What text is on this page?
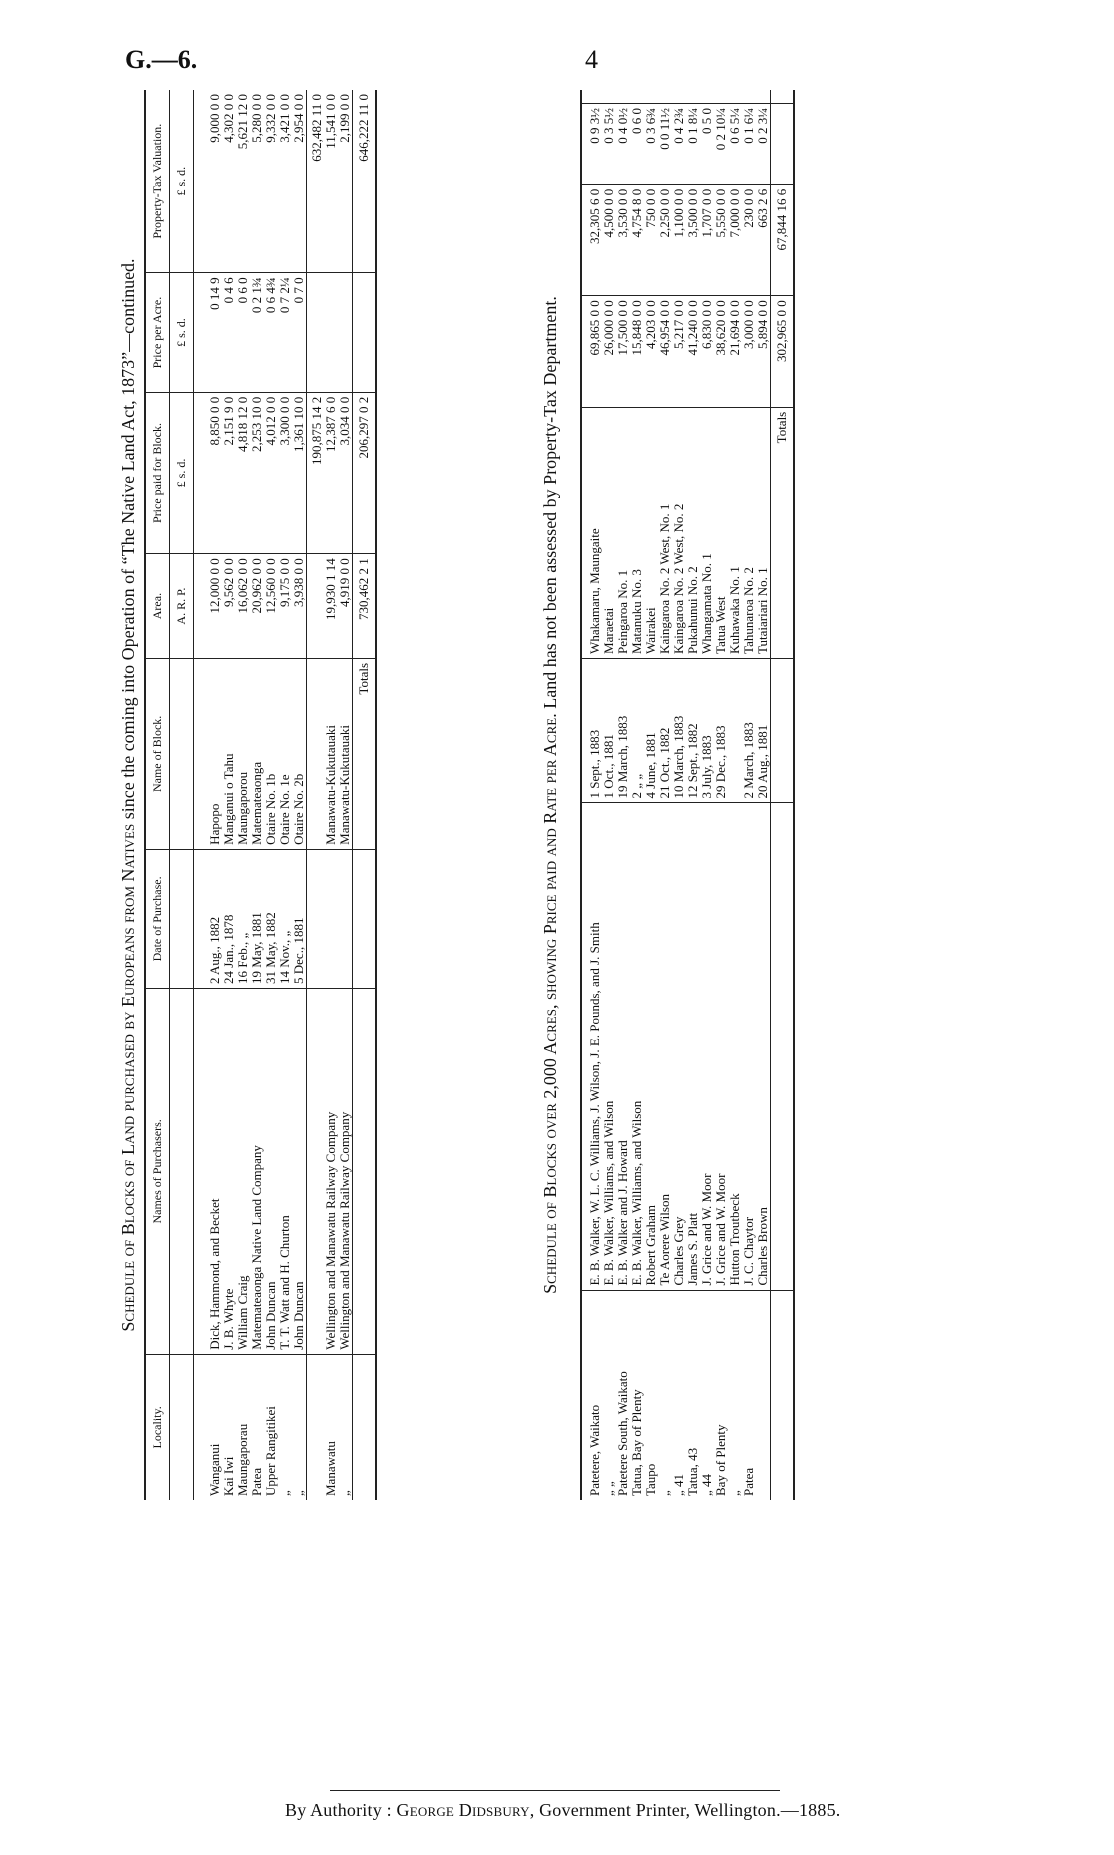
G.—6.	4
Schedule of Blocks of Land purchased by Europeans from Natives since the coming into Operation of “The Native Land Act, 1873”—continued.
Locality.	Names of Purchasers.	Date of Purchase.	Name of Block.	Area.	Price paid for Block.	Price per Acre.	Property-Tax Valuation.
				A. R. P.	£ s. d.	£ s. d.	£ s. d.

Wanganui	Dick, Hammond, and Becket	2 Aug., 1882	Hapopo	12,000 0 0	8,850 0 0	0 14 9	9,000 0 0
Kai Iwi	J. B. Whyte	24 Jan., 1878	Manganui o Tahu	9,562 0 0	2,151 9 0	0 4 6	4,302 0 0
Maungaporau	William Craig	16 Feb., „	Maungaporou	16,062 0 0	4,818 12 0	0 6 0	5,621 12 0
Patea	Matemateaonga Native Land Company	19 May, 1881	Matemateaonga	20,962 0 0	2,253 10 0	0 2 1¾	5,280 0 0
Upper Rangitikei	John Duncan	31 May, 1882	Otaire No. 1b	12,560 0 0	4,012 0 0	0 6 4¾	9,332 0 0
„	T. T. Watt and H. Churton	14 Nov., „	Otaire No. 1e	9,175 0 0	3,300 0 0	0 7 2¼	3,421 0 0
„	John Duncan	5 Dec., 1881	Otaire No. 2b	3,938 0 0	1,361 10 0	0 7 0	2,954 0 0
					190,875 14 2		632,482 11 0
Manawatu	Wellington and Manawatu Railway Company		Manawatu-Kukutauaki	19,930 1 14	12,387 6 0		11,541 0 0
„	Wellington and Manawatu Railway Company		Manawatu-Kukutauaki	4,919 0 0	3,034 0 0		2,199 0 0
			Totals	730,462 2 1	206,297 0 2		646,222 11 0
Schedule of Blocks over 2,000 Acres, showing Price paid and Rate per Acre. Land has not been assessed by Property-Tax Department.

Patetere, Waikato	E. B. Walker, W. L. C. Williams, J. Wilson, J. E. Pounds, and J. Smith	1 Sept., 1883	Whakamaru, Maungaite	69,865 0 0	32,305 6 0	0 9 3½	
„ „	E. B. Walker, Williams, and Wilson	1 Oct., 1881	Maraetai	26,000 0 0	4,500 0 0	0 3 5½	
Patetere South, Waikato	E. B. Walker and J. Howard	19 March, 1883	Peingaroa No. 1	17,500 0 0	3,530 0 0	0 4 0½	
Tatua, Bay of Plenty	E. B. Walker, Williams, and Wilson	2 „ „	Matanuku No. 3	15,848 0 0	4,754 8 0	0 6 0	
Taupo	Robert Graham	4 June, 1881	Wairakei	4,203 0 0	750 0 0	0 3 6¾	
„	Te Aorere Wilson	21 Oct., 1882	Kaingaroa No. 2 West, No. 1	46,954 0 0	2,250 0 0	0 0 11½	
„ 41	Charles Grey	10 March, 1883	Kaingaroa No. 2 West, No. 2	5,217 0 0	1,100 0 0	0 4 2¾	
Tatua, 43	James S. Platt	12 Sept., 1882	Pukahunui No. 2	41,240 0 0	3,500 0 0	0 1 8¼	
„ 44	J. Grice and W. Moor	3 July, 1883	Whangamata No. 1	6,830 0 0	1,707 0 0	0 5 0	
Bay of Plenty	J. Grice and W. Moor	29 Dec., 1883	Tatua West	38,620 0 0	5,550 0 0	0 2 10¼	
„	Hutton Troutbeck		Kuhawaka No. 1	21,694 0 0	7,000 0 0	0 6 5¼	
Patea	J. C. Chaytor	2 March, 1883	Tahunaroa No. 2	3,000 0 0	230 0 0	0 1 6¼	
	Charles Brown	20 Aug., 1881	Tutaiariari No. 1	5,894 0 0	663 2 6	0 2 3¼	
			Totals	302,965 0 0	67,844 16 6		
By Authority : George Didsbury, Government Printer, Wellington.—1885.
